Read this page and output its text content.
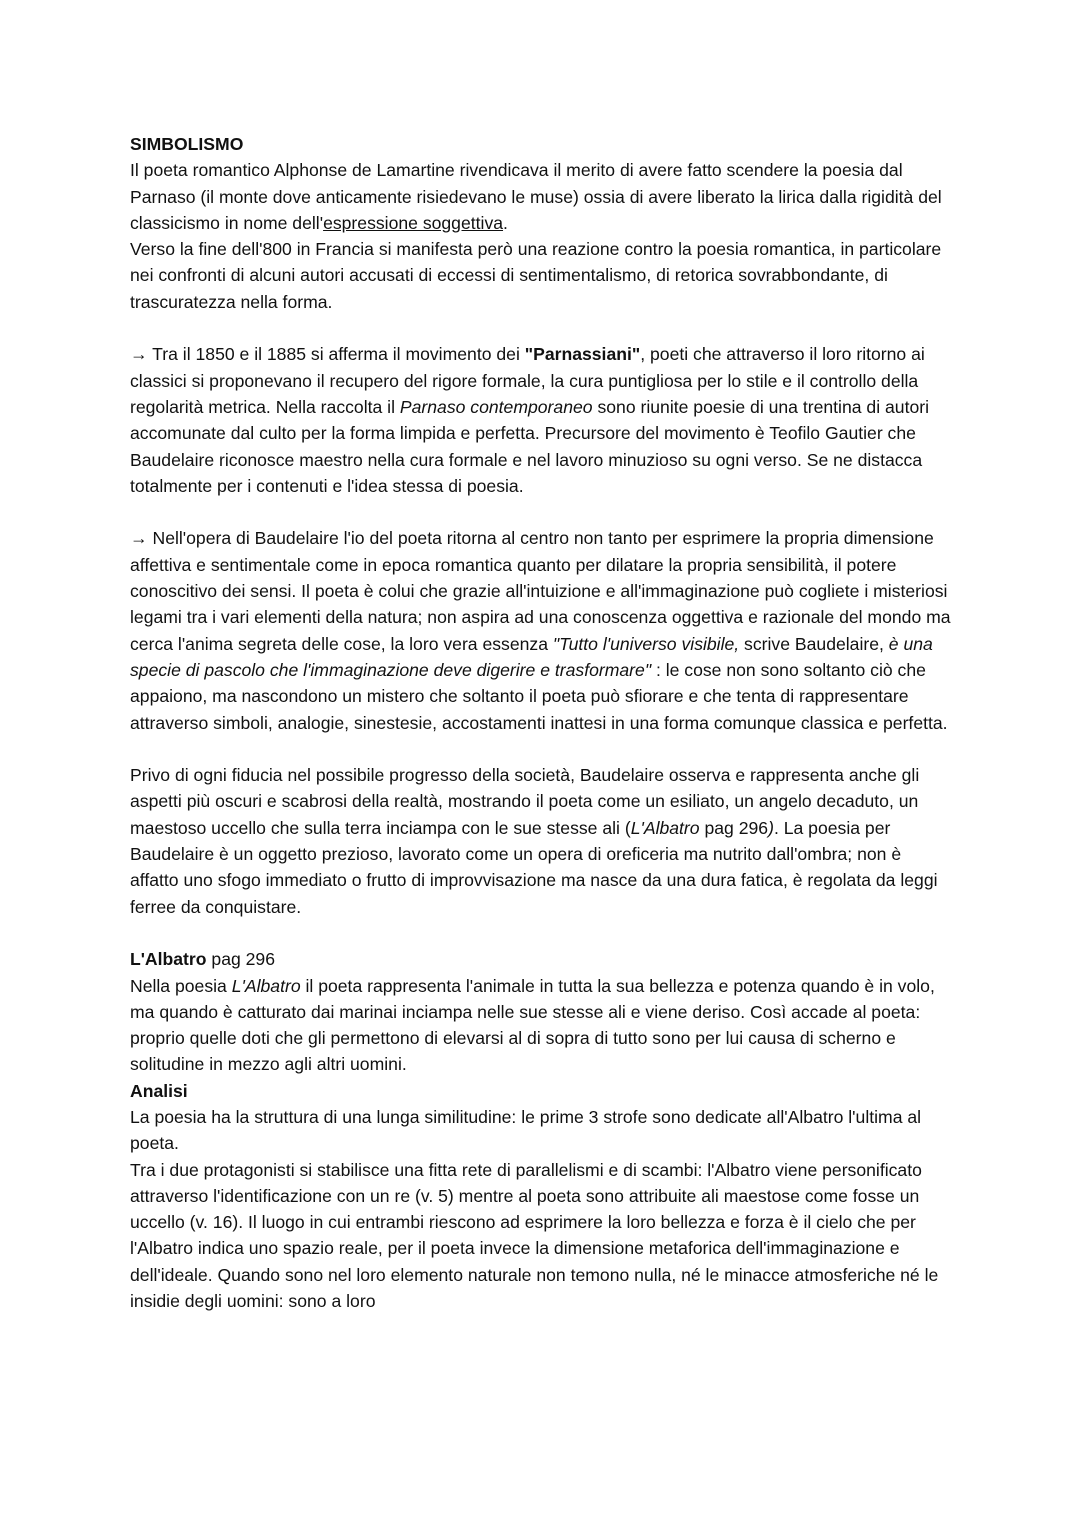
SIMBOLISMO

Il poeta romantico Alphonse de Lamartine rivendicava il merito di avere fatto scendere la poesia dal Parnaso (il monte dove anticamente risiedevano le muse) ossia di avere liberato la lirica dalla rigidità del classicismo in nome dell'espressione soggettiva.

Verso la fine dell'800 in Francia si manifesta però una reazione contro la poesia romantica, in particolare nei confronti di alcuni autori accusati di eccessi di sentimentalismo, di retorica sovrabbondante, di trascuratezza nella forma.

→ Tra il 1850 e il 1885 si afferma il movimento dei "Parnassiani", poeti che attraverso il loro ritorno ai classici si proponevano il recupero del rigore formale, la cura puntigliosa per lo stile e il controllo della regolarità metrica. Nella raccolta il Parnaso contemporaneo sono riunite poesie di una trentina di autori accomunate dal culto per la forma limpida e perfetta. Precursore del movimento è Teofilo Gautier che Baudelaire riconosce maestro nella cura formale e nel lavoro minuzioso su ogni verso. Se ne distacca totalmente per i contenuti e l'idea stessa di poesia.

→ Nell'opera di Baudelaire l'io del poeta ritorna al centro non tanto per esprimere la propria dimensione affettiva e sentimentale come in epoca romantica quanto per dilatare la propria sensibilità, il potere conoscitivo dei sensi. Il poeta è colui che grazie all'intuizione e all'immaginazione può cogliete i misteriosi legami tra i vari elementi della natura; non aspira ad una conoscenza oggettiva e razionale del mondo ma cerca l'anima segreta delle cose, la loro vera essenza "Tutto l'universo visibile, scrive Baudelaire, è una specie di pascolo che l'immaginazione deve digerire e trasformare" : le cose non sono soltanto ciò che appaiono, ma nascondono un mistero che soltanto il poeta può sfiorare e che tenta di rappresentare attraverso simboli, analogie, sinestesie, accostamenti inattesi in una forma comunque classica e perfetta.

Privo di ogni fiducia nel possibile progresso della società, Baudelaire osserva e rappresenta anche gli aspetti più oscuri e scabrosi della realtà, mostrando il poeta come un esiliato, un angelo decaduto, un maestoso uccello che sulla terra inciampa con le sue stesse ali (L'Albatro pag 296). La poesia per Baudelaire è un oggetto prezioso, lavorato come un opera di oreficeria ma nutrito dall'ombra; non è affatto uno sfogo immediato o frutto di improvvisazione ma nasce da una dura fatica, è regolata da leggi ferree da conquistare.

L'Albatro pag 296

Nella poesia L'Albatro il poeta rappresenta l'animale in tutta la sua bellezza e potenza quando è in volo, ma quando è catturato dai marinai inciampa nelle sue stesse ali e viene deriso. Così accade al poeta: proprio quelle doti che gli permettono di elevarsi al di sopra di tutto sono per lui causa di scherno e solitudine in mezzo agli altri uomini.

Analisi

La poesia ha la struttura di una lunga similitudine: le prime 3 strofe sono dedicate all'Albatro l'ultima al poeta.

Tra i due protagonisti si stabilisce una fitta rete di parallelismi e di scambi: l'Albatro viene personificato attraverso l'identificazione con un re (v. 5) mentre al poeta sono attribuite ali maestose come fosse un uccello (v. 16). Il luogo in cui entrambi riescono ad esprimere la loro bellezza e forza è il cielo che per l'Albatro indica uno spazio reale, per il poeta invece la dimensione metaforica dell'immaginazione e dell'ideale. Quando sono nel loro elemento naturale non temono nulla, né le minacce atmosferiche né le insidie degli uomini: sono a loro
